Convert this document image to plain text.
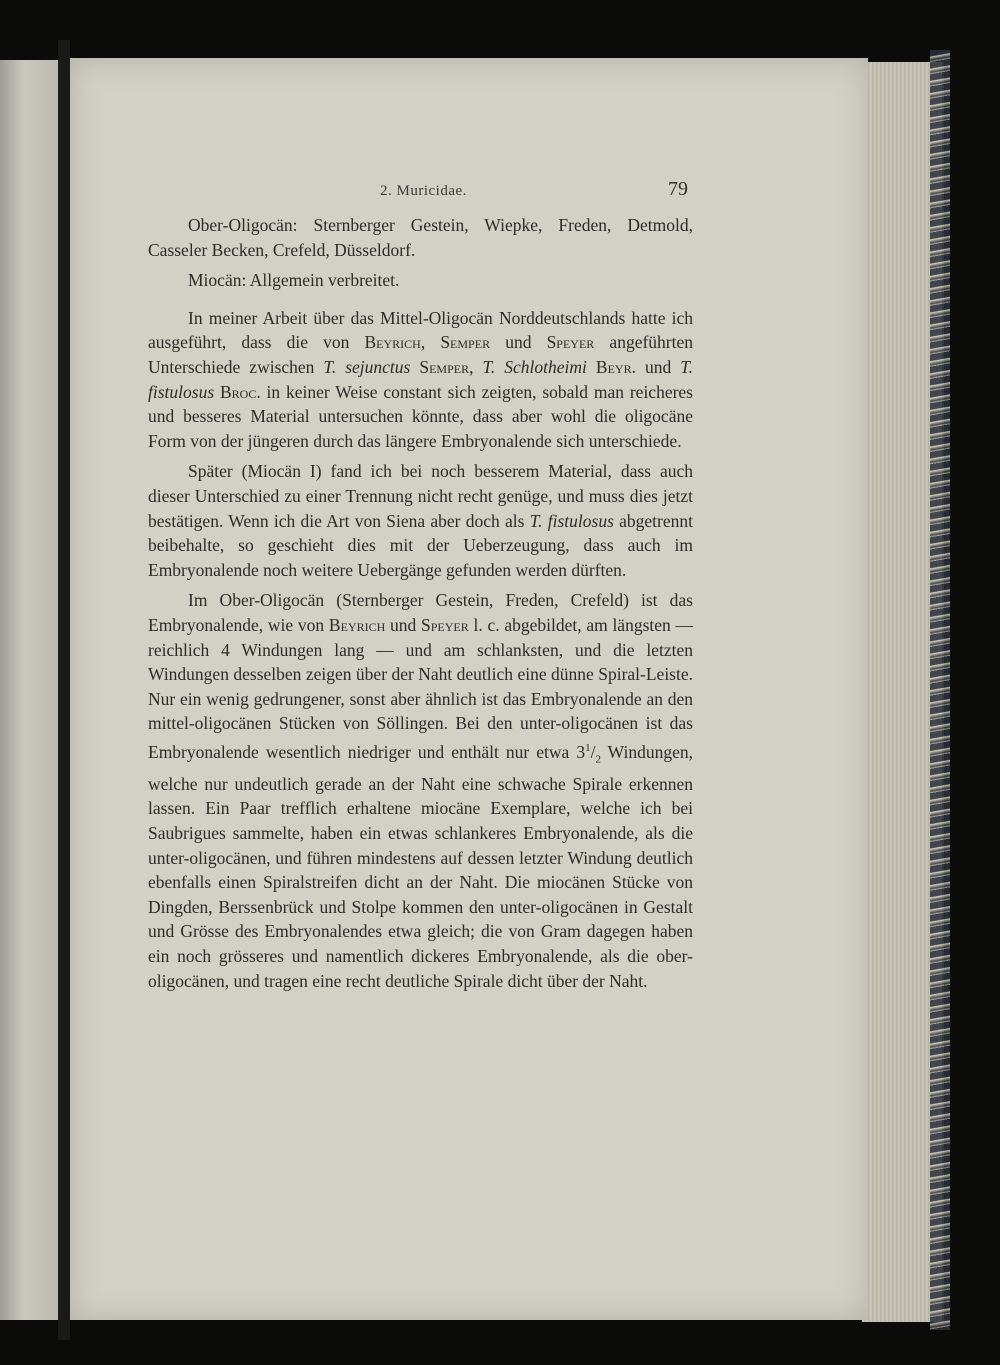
2. Muricidae.	79

Ober-Oligocän: Sternberger Gestein, Wiepke, Freden, Detmold, Casseler Becken, Crefeld, Düsseldorf.

Miocän: Allgemein verbreitet.

In meiner Arbeit über das Mittel-Oligocän Norddeutschlands hatte ich ausgeführt, dass die von Beyrich, Semper und Speyer angeführten Unterschiede zwischen T. sejunctus Semper, T. Schlotheimi Beyr. und T. fistulosus Broc. in keiner Weise constant sich zeigten, sobald man reicheres und besseres Material untersuchen könnte, dass aber wohl die oligocäne Form von der jüngeren durch das längere Embryonalende sich unterschiede.

Später (Miocän I) fand ich bei noch besserem Material, dass auch dieser Unterschied zu einer Trennung nicht recht genüge, und muss dies jetzt bestätigen. Wenn ich die Art von Siena aber doch als T. fistulosus abgetrennt beibehalte, so geschieht dies mit der Ueberzeugung, dass auch im Embryonalende noch weitere Uebergänge gefunden werden dürften.

Im Ober-Oligocän (Sternberger Gestein, Freden, Crefeld) ist das Embryonalende, wie von Beyrich und Speyer l. c. abgebildet, am längsten — reichlich 4 Windungen lang — und am schlanksten, und die letzten Windungen desselben zeigen über der Naht deutlich eine dünne Spiral-Leiste. Nur ein wenig gedrungener, sonst aber ähnlich ist das Embryonalende an den mittel-oligocänen Stücken von Söllingen. Bei den unter-oligocänen ist das Embryonalende wesentlich niedriger und enthält nur etwa $3^1/_2$ Windungen, welche nur undeutlich gerade an der Naht eine schwache Spirale erkennen lassen. Ein Paar trefflich erhaltene miocäne Exemplare, welche ich bei Saubrigues sammelte, haben ein etwas schlankeres Embryonalende, als die unter-oligocänen, und führen mindestens auf dessen letzter Windung deutlich ebenfalls einen Spiralstreifen dicht an der Naht. Die miocänen Stücke von Dingden, Berssenbrück und Stolpe kommen den unter-oligocänen in Gestalt und Grösse des Embryonalendes etwa gleich; die von Gram dagegen haben ein noch grösseres und namentlich dickeres Embryonalende, als die ober-oligocänen, und tragen eine recht deutliche Spirale dicht über der Naht.
